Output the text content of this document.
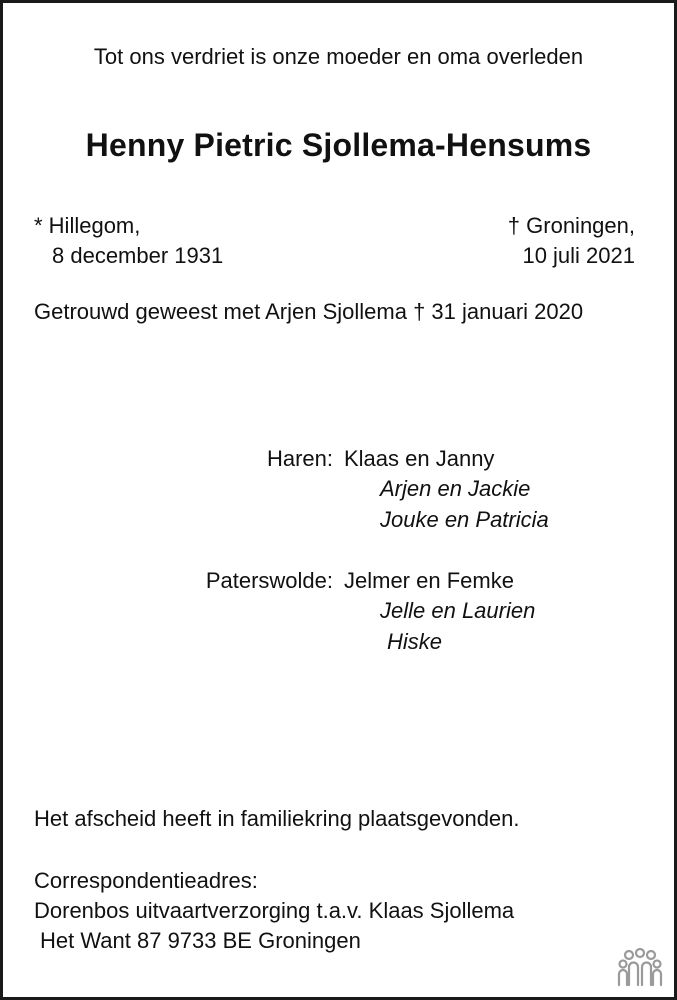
Tot ons verdriet is onze moeder en oma overleden
Henny Pietric Sjollema-Hensums
* Hillegom,
8 december 1931
† Groningen,
10 juli 2021
Getrouwd geweest met Arjen Sjollema † 31 januari 2020
Haren: Klaas en Janny
Arjen en Jackie
Jouke en Patricia
Paterswolde: Jelmer en Femke
Jelle en Laurien
Hiske
Het afscheid heeft in familiekring plaatsgevonden.
Correspondentieadres:
Dorenbos uitvaartverzorging t.a.v. Klaas Sjollema
Het Want 87 9733 BE Groningen
